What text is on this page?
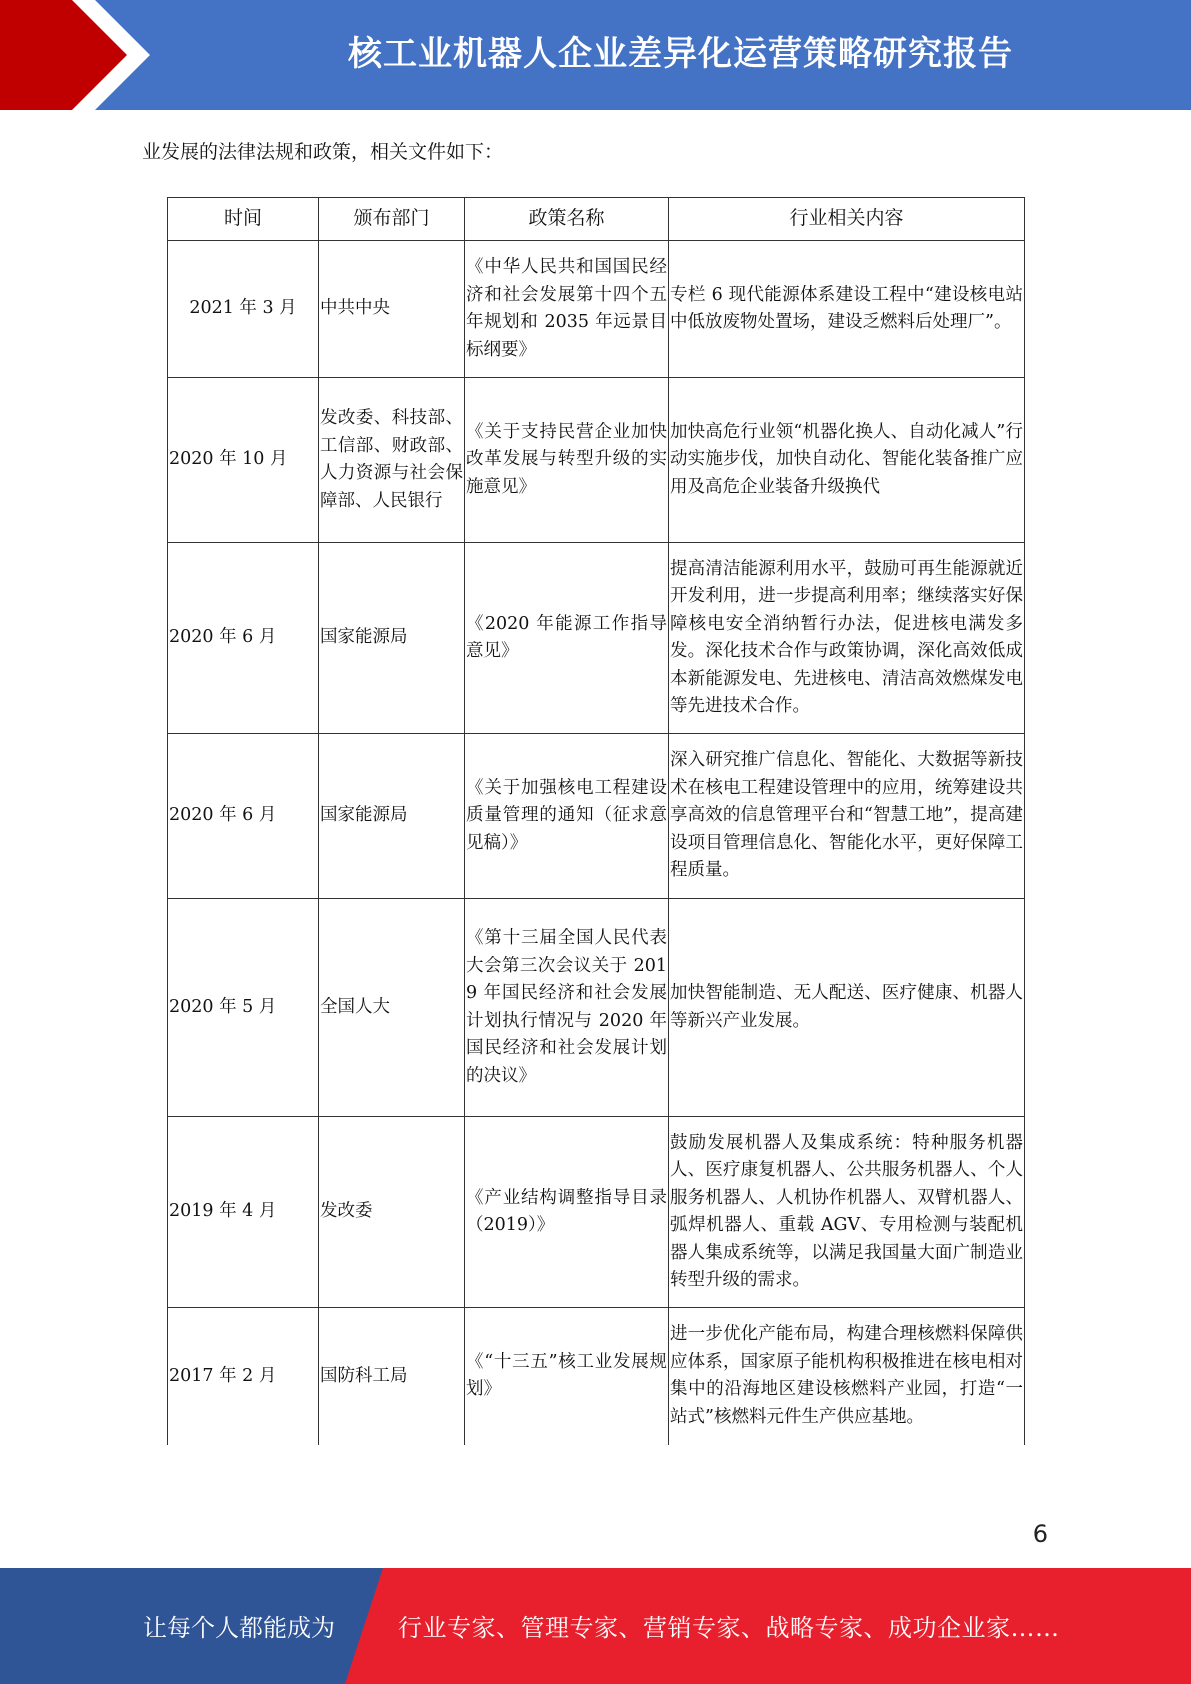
核工业机器人企业差异化运营策略研究报告
业发展的法律法规和政策，相关文件如下：
时间	颁布部门	政策名称	行业相关内容
2021 年 3 月	中共中央	《中华人民共和国国民经济和社会发展第十四个五年规划和 2035 年远景目标纲要》	专栏 6 现代能源体系建设工程中“建设核电站中低放废物处置场，建设乏燃料后处理厂”。
2020 年 10 月	发改委、科技部、工信部、财政部、人力资源与社会保障部、人民银行	《关于支持民营企业加快改革发展与转型升级的实施意见》	加快高危行业领“机器化换人、自动化减人”行动实施步伐，加快自动化、智能化装备推广应用及高危企业装备升级换代
2020 年 6 月	国家能源局	《2020 年能源工作指导意见》	提高清洁能源利用水平，鼓励可再生能源就近开发利用，进一步提高利用率；继续落实好保障核电安全消纳暂行办法，促进核电满发多发。深化技术合作与政策协调，深化高效低成本新能源发电、先进核电、清洁高效燃煤发电等先进技术合作。
2020 年 6 月	国家能源局	《关于加强核电工程建设质量管理的通知（征求意见稿）》	深入研究推广信息化、智能化、大数据等新技术在核电工程建设管理中的应用，统筹建设共享高效的信息管理平台和“智慧工地”，提高建设项目管理信息化、智能化水平，更好保障工程质量。
2020 年 5 月	全国人大	《第十三届全国人民代表大会第三次会议关于 2019 年国民经济和社会发展计划执行情况与 2020 年国民经济和社会发展计划的决议》	加快智能制造、无人配送、医疗健康、机器人等新兴产业发展。
2019 年 4 月	发改委	《产业结构调整指导目录（2019）》	鼓励发展机器人及集成系统：特种服务机器人、医疗康复机器人、公共服务机器人、个人服务机器人、人机协作机器人、双臂机器人、弧焊机器人、重载 AGV、专用检测与装配机器人集成系统等，以满足我国量大面广制造业转型升级的需求。
2017 年 2 月	国防科工局	《“十三五”核工业发展规划》	进一步优化产能布局，构建合理核燃料保障供应体系，国家原子能机构积极推进在核电相对集中的沿海地区建设核燃料产业园，打造“一站式”核燃料元件生产供应基地。
6
让每个人都能成为	行业专家、管理专家、营销专家、战略专家、成功企业家……
